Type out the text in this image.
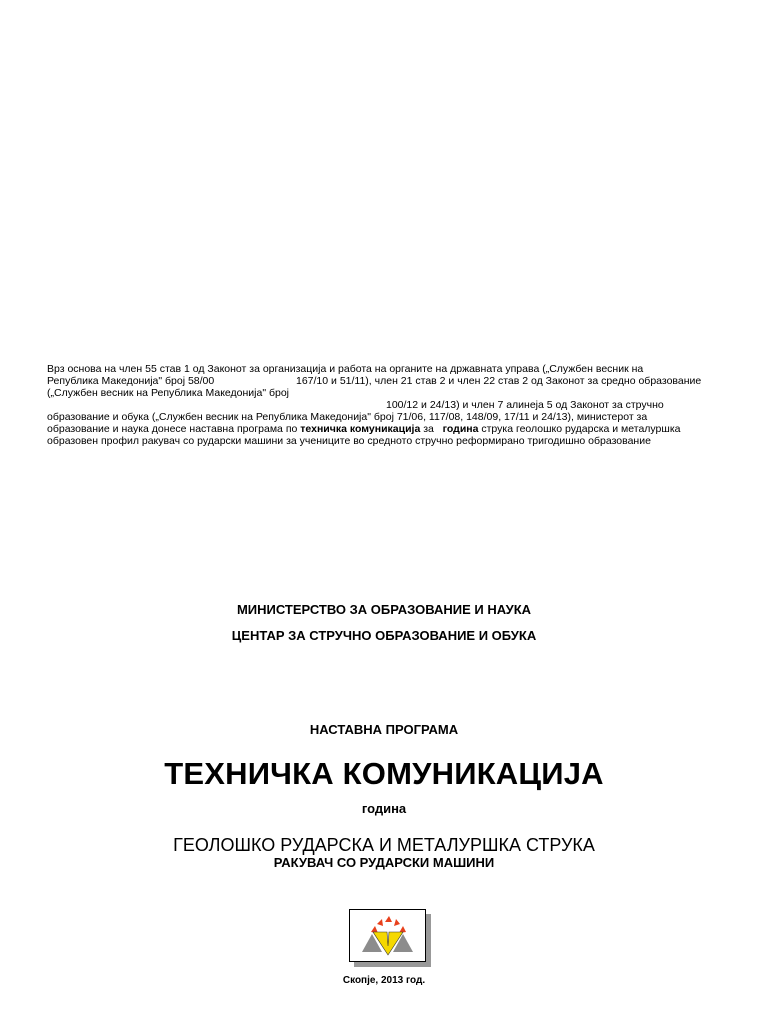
Врз основа на член 55 став 1 од Законот за организација и работа на органите на државната управа („Службен весник на
Република Македонија" број 58/00	167/10 и 51/11), член 21 став 2 и член 22 став 2 од Законот за средно образование
(„Службен весник на Република Македонија" број
100/12 и 24/13) и член 7 алинеја 5 од Законот за стручно
образование и обука („Службен весник на Република Македонија" број 71/06, 117/08, 148/09, 17/11 и 24/13), министерот за
образование и наука донесе наставна програма по техничка комуникација за година струка геолошко рударска и металуршка
образовен профил ракувач со рударски машини за учениците во средното стручно реформирано тригодишно образование
МИНИСТЕРСТВО ЗА ОБРАЗОВАНИЕ И НАУКА
ЦЕНТАР ЗА СТРУЧНО ОБРАЗОВАНИЕ И ОБУКА
НАСТАВНА ПРОГРАМА
ТЕХНИЧКА КОМУНИКАЦИЈА
година
ГЕОЛОШКО РУДАРСКА И МЕТАЛУРШКА СТРУКА
РАКУВАЧ СО РУДАРСКИ МАШИНИ
Скопје, 2013 год.
